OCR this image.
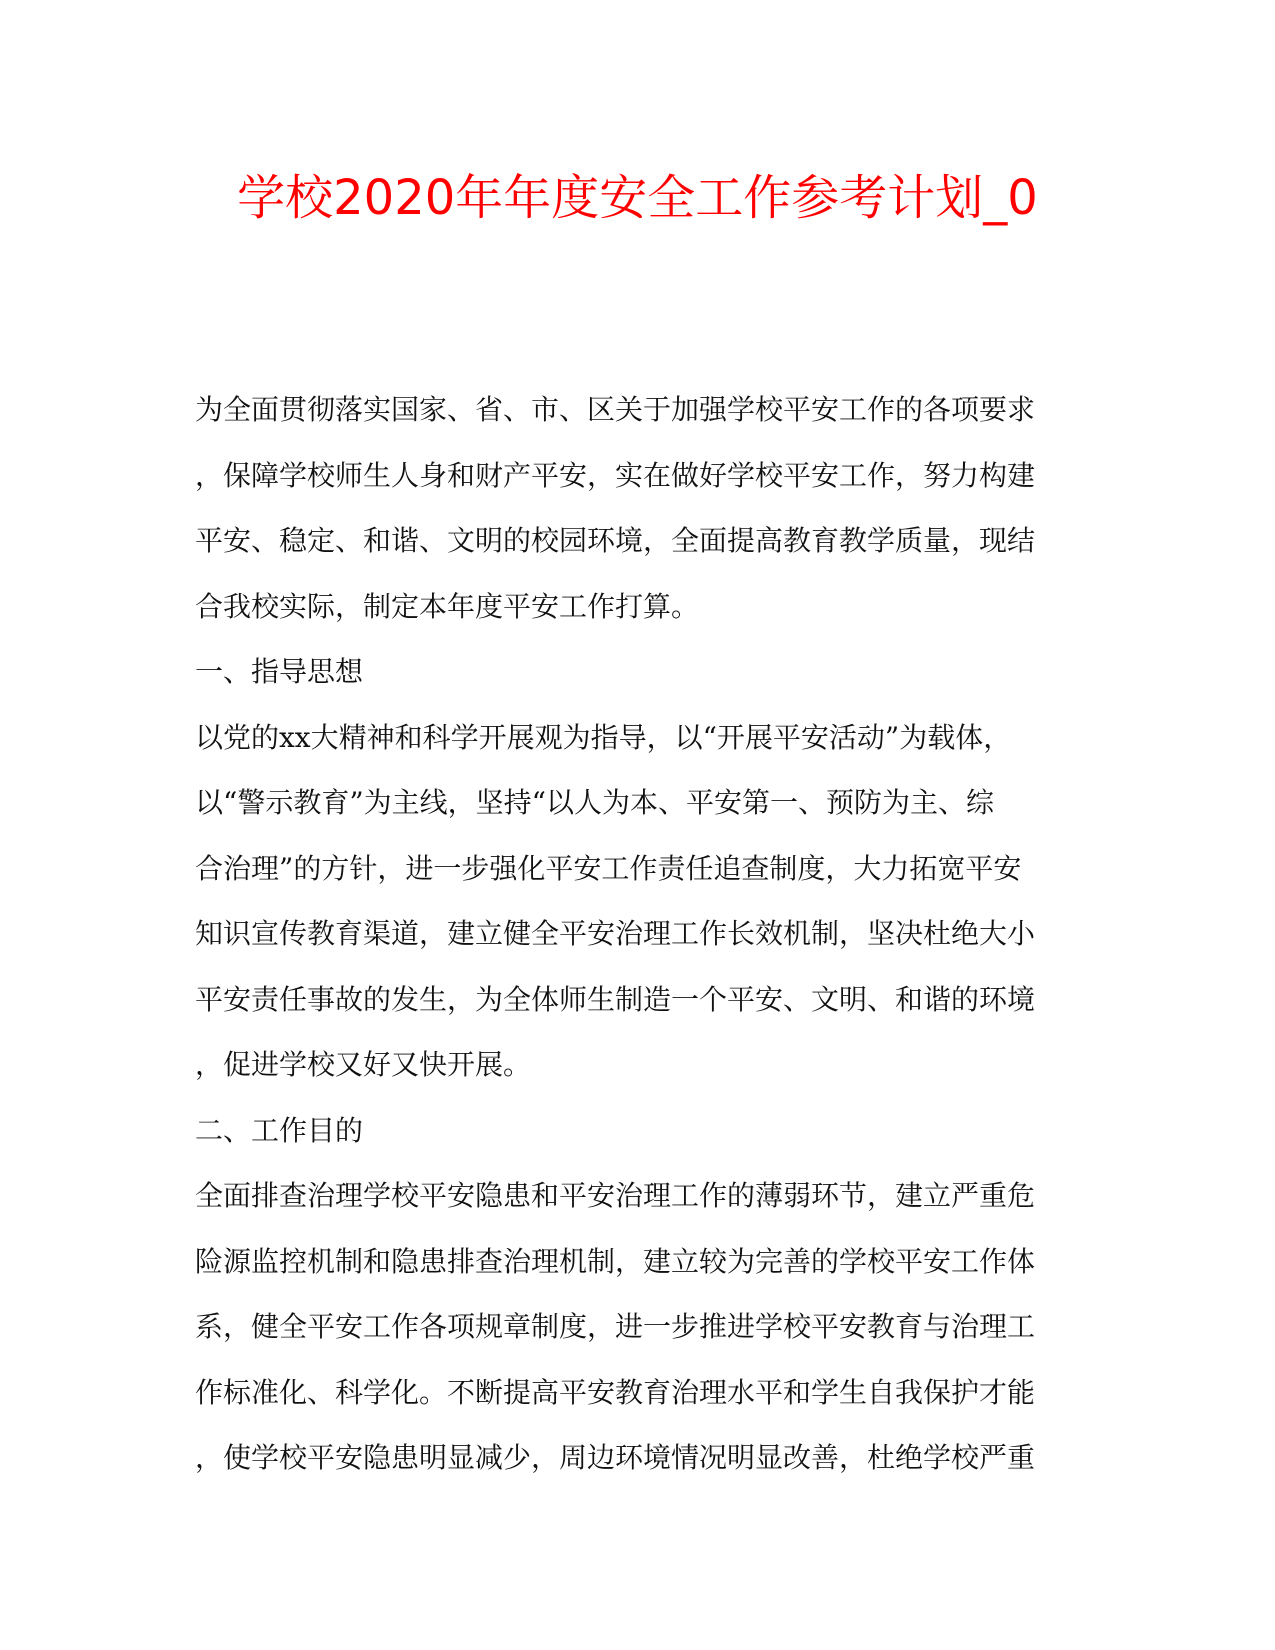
学校2020年年度安全工作参考计划_0
为全面贯彻落实国家、省、市、区关于加强学校平安工作的各项要求
，保障学校师生人身和财产平安，实在做好学校平安工作，努力构建
平安、稳定、和谐、文明的校园环境，全面提高教育教学质量，现结
合我校实际，制定本年度平安工作打算。
一、指导思想
以党的xx大精神和科学开展观为指导，以“开展平安活动”为载体，
以“警示教育”为主线，坚持“以人为本、平安第一、预防为主、综
合治理”的方针，进一步强化平安工作责任追查制度，大力拓宽平安
知识宣传教育渠道，建立健全平安治理工作长效机制，坚决杜绝大小
平安责任事故的发生，为全体师生制造一个平安、文明、和谐的环境
，促进学校又好又快开展。
二、工作目的
全面排查治理学校平安隐患和平安治理工作的薄弱环节，建立严重危
险源监控机制和隐患排查治理机制，建立较为完善的学校平安工作体
系，健全平安工作各项规章制度，进一步推进学校平安教育与治理工
作标准化、科学化。不断提高平安教育治理水平和学生自我保护才能
，使学校平安隐患明显减少，周边环境情况明显改善，杜绝学校严重
